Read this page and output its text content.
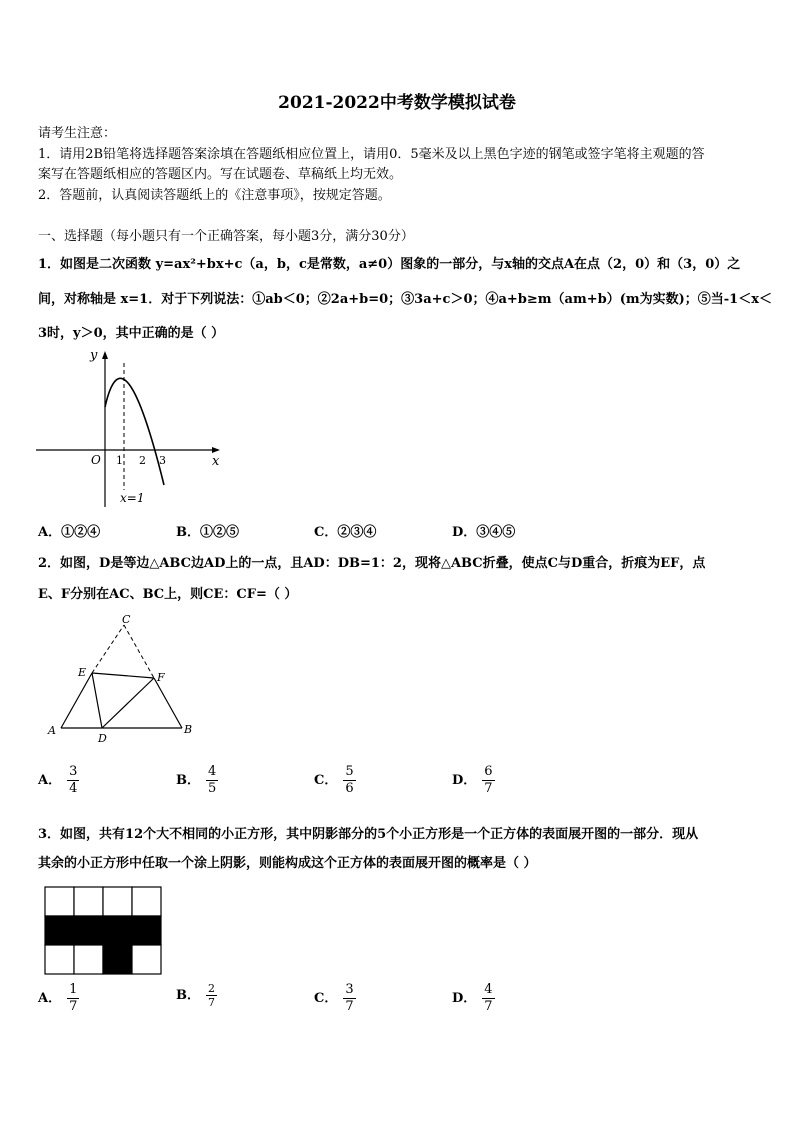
2021-2022中考数学模拟试卷
请考生注意：
1．请用2B铅笔将选择题答案涂填在答题纸相应位置上，请用0．5毫米及以上黑色字迹的钢笔或签字笔将主观题的答
案写在答题纸相应的答题区内。写在试题卷、草稿纸上均无效。
2．答题前，认真阅读答题纸上的《注意事项》，按规定答题。
一、选择题（每小题只有一个正确答案，每小题3分，满分30分）
1．如图是二次函数 y=ax²+bx+c（a，b，c是常数，a≠0）图象的一部分，与x轴的交点A在点（2，0）和（3，0）之
间，对称轴是 x=1．对于下列说法：①ab＜0；②2a+b=0；③3a+c＞0；④a+b≥m（am+b）(m为实数)；⑤当-1＜x＜
3时，y＞0，其中正确的是（ ）
y
x
O 1 2 3
x=1
A．①②④	B．①②⑤	C．②③④	D．③④⑤
2．如图，D是等边△ABC边AD上的一点，且AD：DB=1：2，现将△ABC折叠，使点C与D重合，折痕为EF，点
E、F分别在AC、BC上，则CE：CF=（ ）
C
E	F
A	B
D
A． $\frac{3}{4}$	B． $\frac{4}{5}$	C． $\frac{5}{6}$	D． $\frac{6}{7}$
3．如图，共有12个大不相同的小正方形，其中阴影部分的5个小正方形是一个正方体的表面展开图的一部分．现从
其余的小正方形中任取一个涂上阴影，则能构成这个正方体的表面展开图的概率是（ ）
A． $\frac{1}{7}$	B． $\frac{2}{7}$	C． $\frac{3}{7}$	D． $\frac{4}{7}$
